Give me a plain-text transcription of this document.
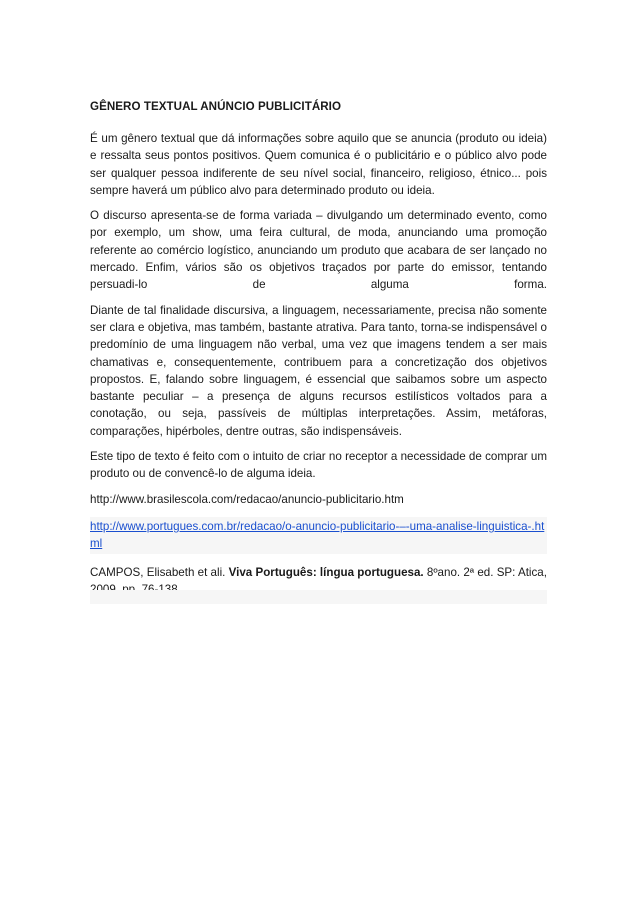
GÊNERO TEXTUAL ANÚNCIO PUBLICITÁRIO

É um gênero textual que dá informações sobre aquilo que se anuncia (produto ou ideia) e ressalta seus pontos positivos. Quem comunica é o publicitário e o público alvo pode ser qualquer pessoa indiferente de seu nível social, financeiro, religioso, étnico... pois sempre haverá um público alvo para determinado produto ou ideia.

O discurso apresenta-se de forma variada – divulgando um determinado evento, como por exemplo, um show, uma feira cultural, de moda, anunciando uma promoção referente ao comércio logístico, anunciando um produto que acabara de ser lançado no mercado. Enfim, vários são os objetivos traçados por parte do emissor, tentando persuadi-lo de alguma forma.

Diante de tal finalidade discursiva, a linguagem, necessariamente, precisa não somente ser clara e objetiva, mas também, bastante atrativa. Para tanto, torna-se indispensável o predomínio de uma linguagem não verbal, uma vez que imagens tendem a ser mais chamativas e, consequentemente, contribuem para a concretização dos objetivos propostos. E, falando sobre linguagem, é essencial que saibamos sobre um aspecto bastante peculiar – a presença de alguns recursos estilísticos voltados para a conotação, ou seja, passíveis de múltiplas interpretações. Assim, metáforas, comparações, hipérboles, dentre outras, são indispensáveis.

Este tipo de texto é feito com o intuito de criar no receptor a necessidade de comprar um produto ou de convencê-lo de alguma ideia.

http://www.brasilescola.com/redacao/anuncio-publicitario.htm

http://www.portugues.com.br/redacao/o-anuncio-publicitario-–-uma-analise-linguistica-.html

CAMPOS, Elisabeth et ali. Viva Português: língua portuguesa. 8ºano. 2ª ed. SP: Atica,
